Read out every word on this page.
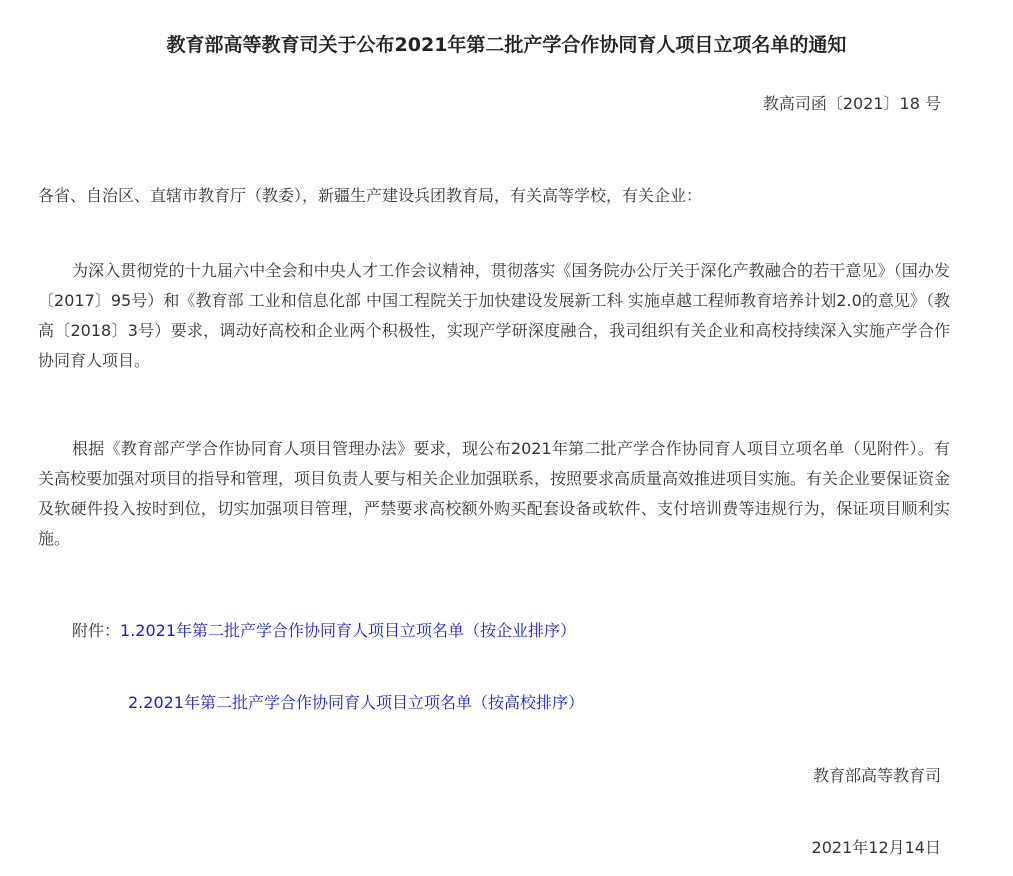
教育部高等教育司关于公布2021年第二批产学合作协同育人项目立项名单的通知

教高司函〔2021〕18 号

各省、自治区、直辖市教育厅（教委），新疆生产建设兵团教育局，有关高等学校，有关企业：

为深入贯彻党的十九届六中全会和中央人才工作会议精神，贯彻落实《国务院办公厅关于深化产教融合的若干意见》（国办发〔2017〕95号）和《教育部 工业和信息化部 中国工程院关于加快建设发展新工科 实施卓越工程师教育培养计划2.0的意见》（教高〔2018〕3号）要求，调动好高校和企业两个积极性，实现产学研深度融合，我司组织有关企业和高校持续深入实施产学合作协同育人项目。

根据《教育部产学合作协同育人项目管理办法》要求，现公布2021年第二批产学合作协同育人项目立项名单（见附件）。有关高校要加强对项目的指导和管理，项目负责人要与相关企业加强联系，按照要求高质量高效推进项目实施。有关企业要保证资金及软硬件投入按时到位，切实加强项目管理，严禁要求高校额外购买配套设备或软件、支付培训费等违规行为，保证项目顺利实施。

附件：1.2021年第二批产学合作协同育人项目立项名单（按企业排序）

2.2021年第二批产学合作协同育人项目立项名单（按高校排序）

教育部高等教育司

2021年12月14日
